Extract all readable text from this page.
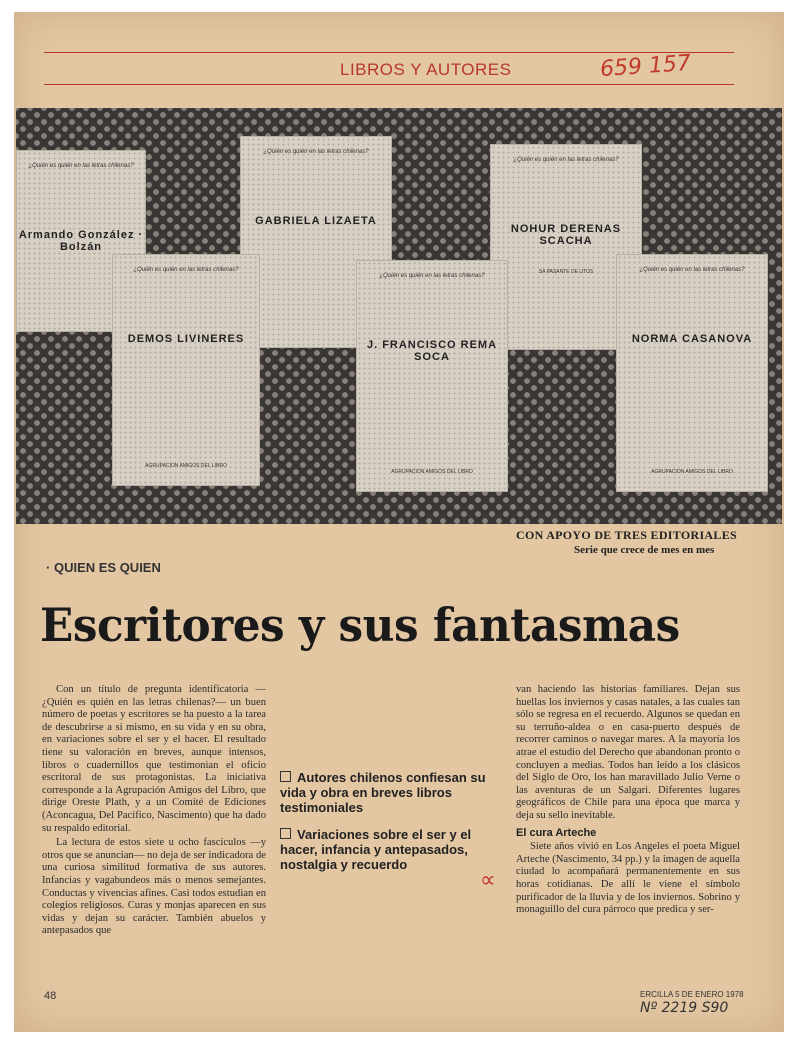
LIBROS Y AUTORES	659 157
¿Quién es quién en las letras chilenas?
Armando González · Bolzán
¿Quién es quién en las letras chilenas?
GABRIELA LIZAETA
¿Quién es quién en las letras chilenas?
NOHUR DERENAS SCACHA
SA PASANTE DE UTOS
¿Quién es quién en las letras chilenas?
DEMOS LIVINERES
AGRUPACION AMIGOS DEL LIBRO
¿Quién es quién en las letras chilenas?
J. FRANCISCO REMA SOCA
AGRUPACION AMIGOS DEL LIBRO
¿Quién es quién en las letras chilenas?
NORMA CASANOVA
AGRUPACION AMIGOS DEL LIBRO
CON APOYO DE TRES EDITORIALES
Serie que crece de mes en mes
· QUIEN ES QUIEN
Escritores y sus fantasmas

Con un título de pregunta identificatoria —¿Quién es quién en las letras chilenas?— un buen número de poetas y escritores se ha puesto a la tarea de descubrirse a sí mismo, en su vida y en su obra, en variaciones sobre el ser y el hacer. El resultado tiene su valoración en breves, aunque intensos, libros o cuadernillos que testimonian el oficio escritoral de sus protagonistas. La iniciativa corresponde a la Agrupación Amigos del Libro, que dirige Oreste Plath, y a un Comité de Ediciones (Aconcagua, Del Pacífico, Nascimento) que ha dado su respaldo editorial.

La lectura de estos siete u ocho fascículos —y otros que se anuncian— no deja de ser indicadora de una curiosa similitud formativa de sus autores. Infancias y vagabundeos más o menos semejantes. Conductas y vivencias afines. Casi todos estudian en colegios religiosos. Curas y monjas aparecen en sus vidas y dejan su carácter. También abuelos y antepasados que

Autores chilenos confiesan su vida y obra en breves libros testimoniales
Variaciones sobre el ser y el hacer, infancia y antepasados, nostalgia y recuerdo
∝

van haciendo las historias familiares. Dejan sus huellas los inviernos y casas natales, a las cuales tan sólo se regresa en el recuerdo. Algunos se quedan en su terruño-aldea o en casa-puerto después de recorrer caminos o navegar mares. A la mayoría los atrae el estudio del Derecho que abandonan pronto o concluyen a medias. Todos han leído a los clásicos del Siglo de Oro, los han maravillado Julio Verne o las aventuras de un Salgari. Diferentes lugares geográficos de Chile para una época que marca y deja su sello inevitable.

El cura Arteche

Siete años vivió en Los Angeles el poeta Miguel Arteche (Nascimento, 34 pp.) y la imagen de aquella ciudad lo acompañará permanentemente en sus horas cotidianas. De allí le viene el símbolo purificador de la lluvia y de los inviernos. Sobrino y monaguillo del cura párroco que predica y ser-

48	ERCILLA 5 DE ENERO 1978
Nº 2219 S90
